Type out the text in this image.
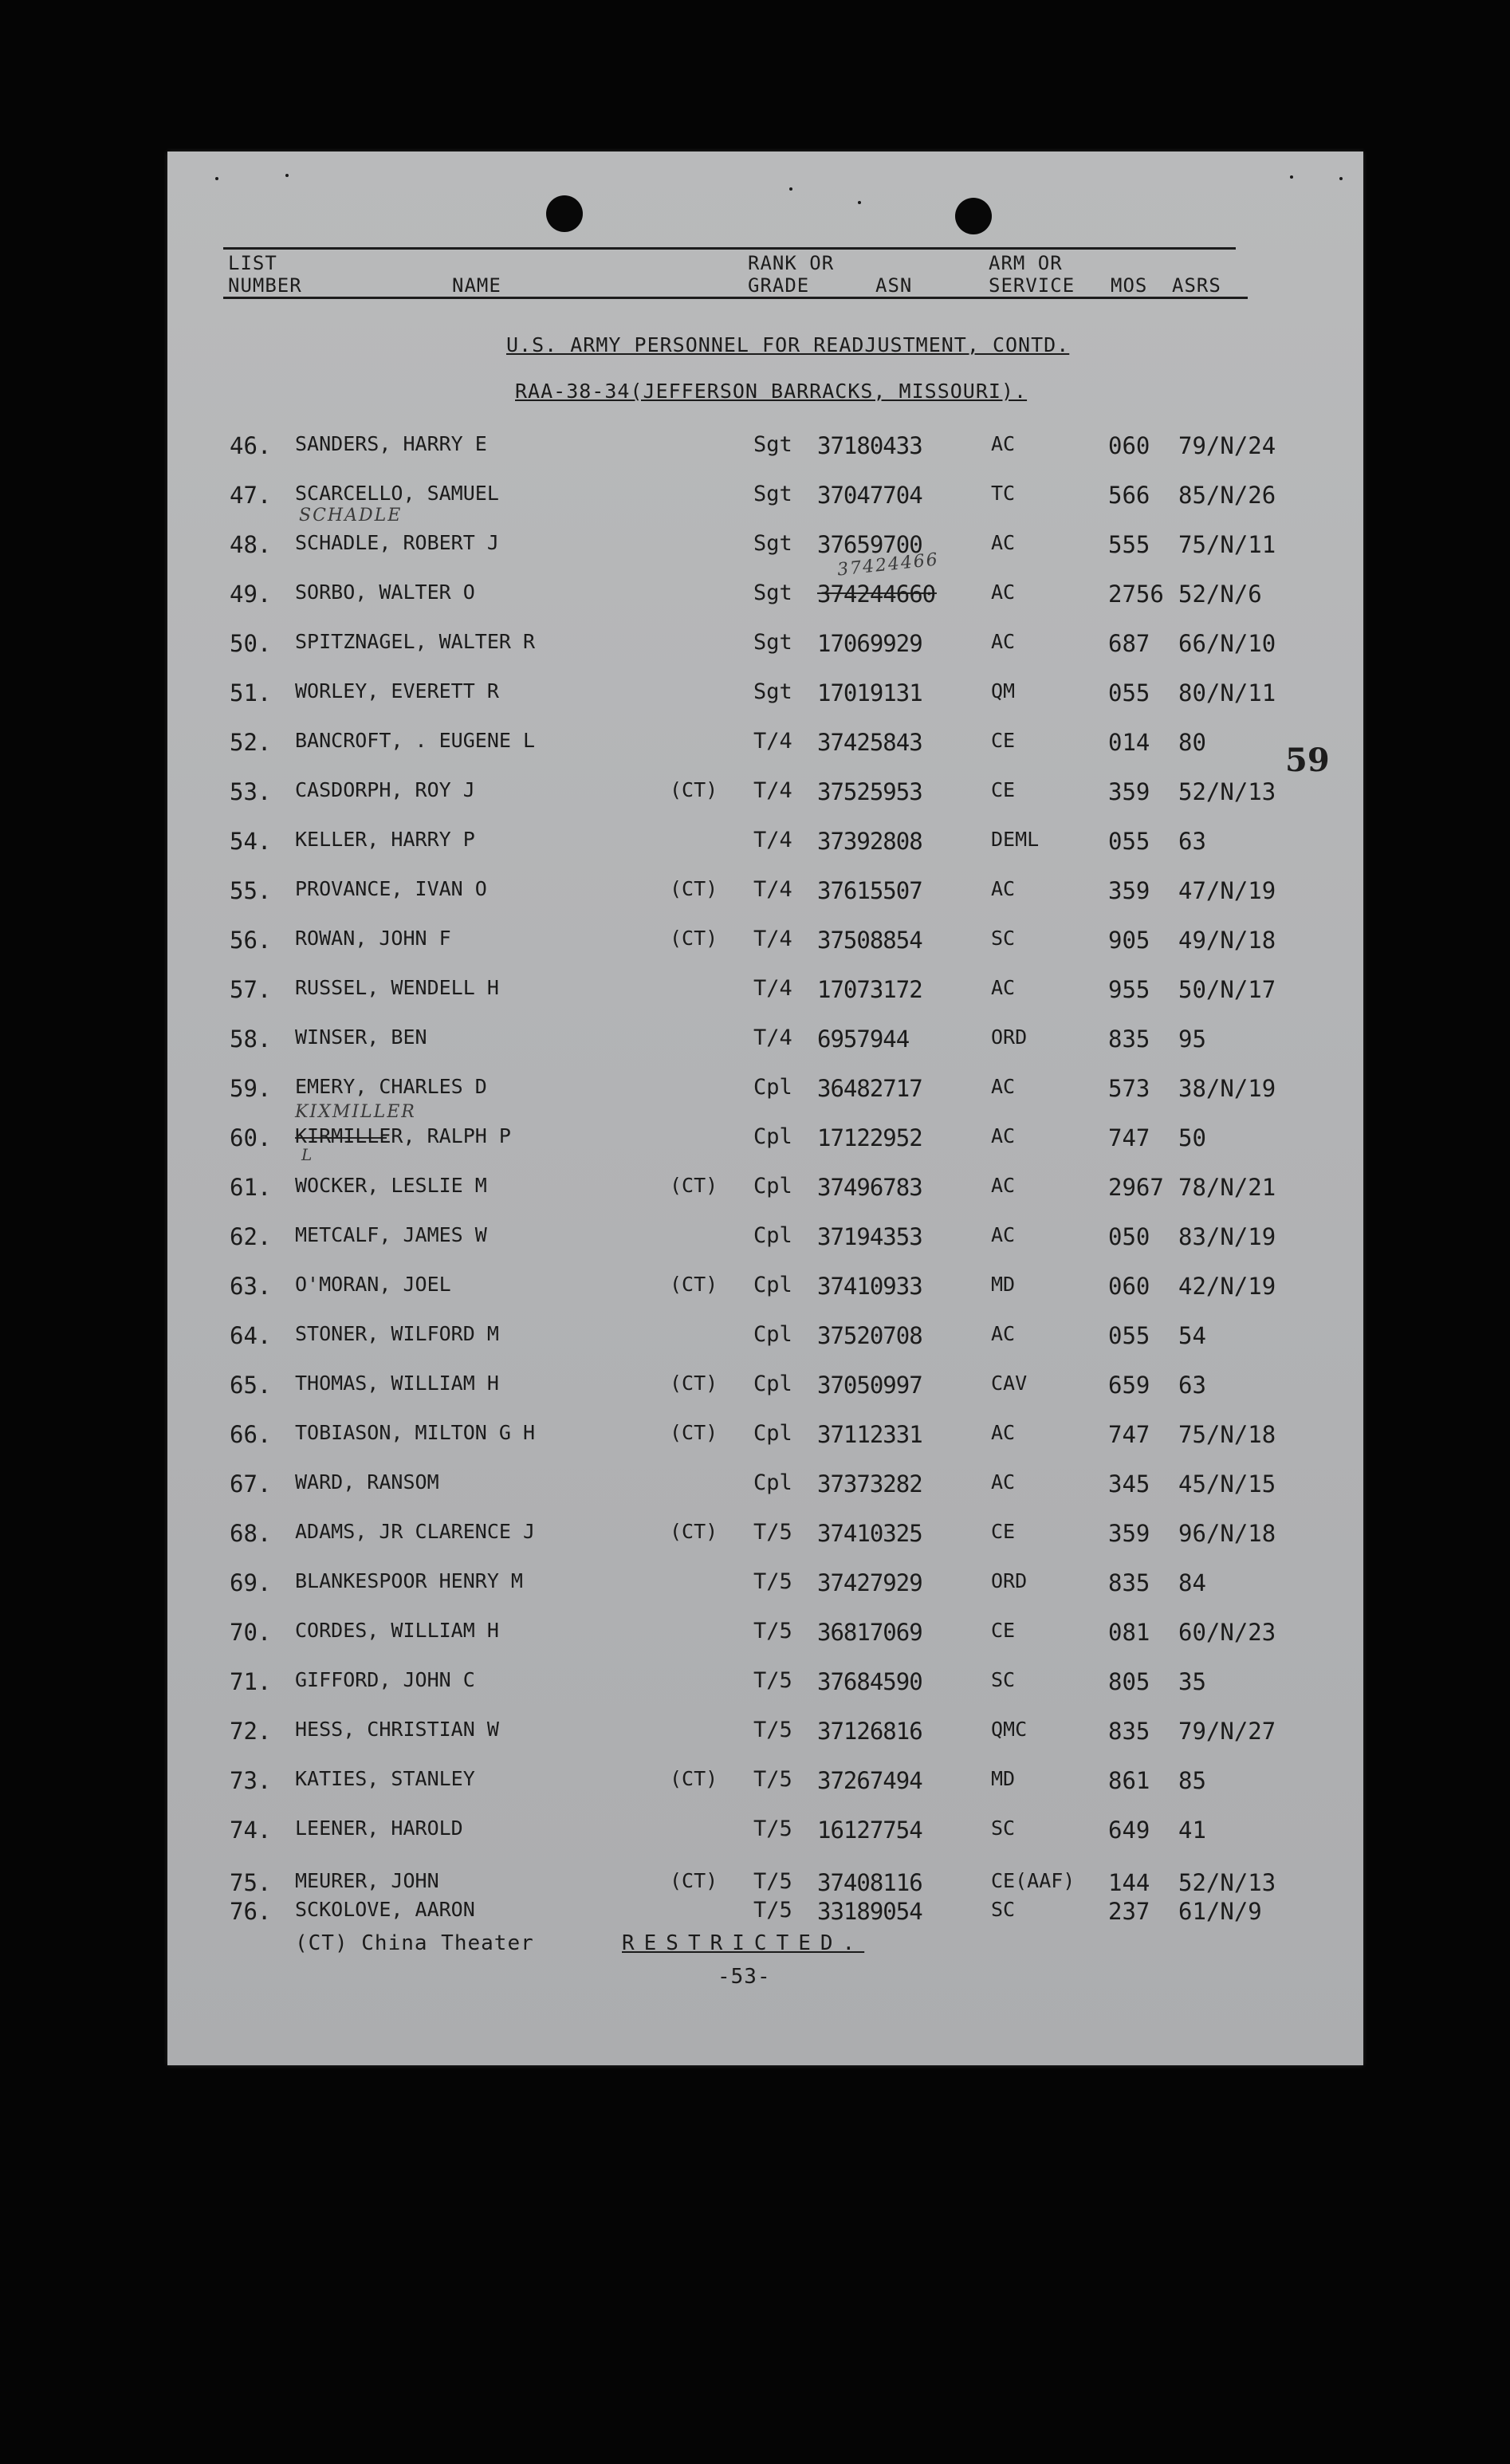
LIST
NUMBER	NAME
RANK OR
GRADE	ASN
ARM OR
SERVICE MOS ASRS
U.S. ARMY PERSONNEL FOR READJUSTMENT, CONTD.
RAA-38-34(JEFFERSON BARRACKS, MISSOURI).
59
SCHADLE
37424466
KIXMILLER
L
46. SANDERS, HARRY E	Sgt 37180433	AC	060 79/N/24
47. SCARCELLO, SAMUEL	Sgt 37047704	TC	566 85/N/26
48. SCHADLE, ROBERT J	Sgt 37659700	AC	555 75/N/11
49. SORBO, WALTER O	Sgt 374244660	AC	2756 52/N/6
50. SPITZNAGEL, WALTER R	Sgt 17069929	AC	687 66/N/10
51. WORLEY, EVERETT R	Sgt 17019131	QM	055 80/N/11
52. BANCROFT, . EUGENE L	T/4 37425843	CE	014 80
53. CASDORPH, ROY J	(CT) T/4 37525953	CE	359 52/N/13
54. KELLER, HARRY P	T/4 37392808	DEML	055 63
55. PROVANCE, IVAN O	(CT) T/4 37615507	AC	359 47/N/19
56. ROWAN, JOHN F	(CT) T/4 37508854	SC	905 49/N/18
57. RUSSEL, WENDELL H	T/4 17073172	AC	955 50/N/17
58. WINSER, BEN	T/4 6957944	ORD	835 95
59. EMERY, CHARLES D	Cpl 36482717	AC	573 38/N/19
60. KIRMILLER, RALPH P	Cpl 17122952	AC	747 50
61. WOCKER, LESLIE M	(CT) Cpl 37496783	AC	2967 78/N/21
62. METCALF, JAMES W	Cpl 37194353	AC	050 83/N/19
63. O'MORAN, JOEL	(CT) Cpl 37410933	MD	060 42/N/19
64. STONER, WILFORD M	Cpl 37520708	AC	055 54
65. THOMAS, WILLIAM H	(CT) Cpl 37050997	CAV	659 63
66. TOBIASON, MILTON G H	(CT) Cpl 37112331	AC	747 75/N/18
67. WARD, RANSOM	Cpl 37373282	AC	345 45/N/15
68. ADAMS, JR CLARENCE J	(CT) T/5 37410325	CE	359 96/N/18
69. BLANKESPOOR HENRY M	T/5 37427929	ORD	835 84
70. CORDES, WILLIAM H	T/5 36817069	CE	081 60/N/23
71. GIFFORD, JOHN C	T/5 37684590	SC	805 35
72. HESS, CHRISTIAN W	T/5 37126816	QMC	835 79/N/27
73. KATIES, STANLEY	(CT) T/5 37267494	MD	861 85
74. LEENER, HAROLD	T/5 16127754	SC	649 41
75. MEURER, JOHN	(CT) T/5 37408116	CE(AAF) 144 52/N/13
76. SCKOLOVE, AARON	T/5 33189054	SC	237 61/N/9
(CT) China Theater	RESTRICTED.
-53-
